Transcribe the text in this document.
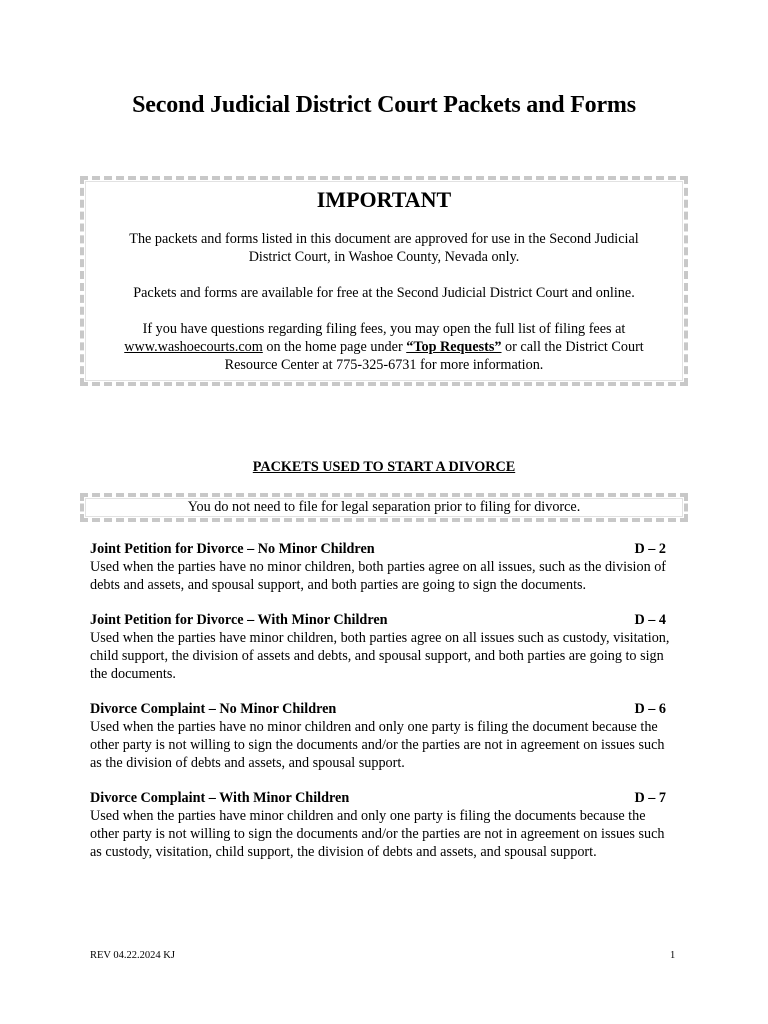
Second Judicial District Court Packets and Forms
IMPORTANT
The packets and forms listed in this document are approved for use in the Second Judicial District Court, in Washoe County, Nevada only.
Packets and forms are available for free at the Second Judicial District Court and online.
If you have questions regarding filing fees, you may open the full list of filing fees at www.washoecourts.com on the home page under “Top Requests” or call the District Court Resource Center at 775-325-6731 for more information.
PACKETS USED TO START A DIVORCE
You do not need to file for legal separation prior to filing for divorce.
Joint Petition for Divorce – No Minor Children	D – 2
Used when the parties have no minor children, both parties agree on all issues, such as the division of debts and assets, and spousal support, and both parties are going to sign the documents.
Joint Petition for Divorce – With Minor Children	D – 4
Used when the parties have minor children, both parties agree on all issues such as custody, visitation, child support, the division of assets and debts, and spousal support, and both parties are going to sign the documents.
Divorce Complaint – No Minor Children	D – 6
Used when the parties have no minor children and only one party is filing the document because the other party is not willing to sign the documents and/or the parties are not in agreement on issues such as the division of debts and assets, and spousal support.
Divorce Complaint – With Minor Children	D – 7
Used when the parties have minor children and only one party is filing the documents because the other party is not willing to sign the documents and/or the parties are not in agreement on issues such as custody, visitation, child support, the division of debts and assets, and spousal support.
REV 04.22.2024 KJ	1
